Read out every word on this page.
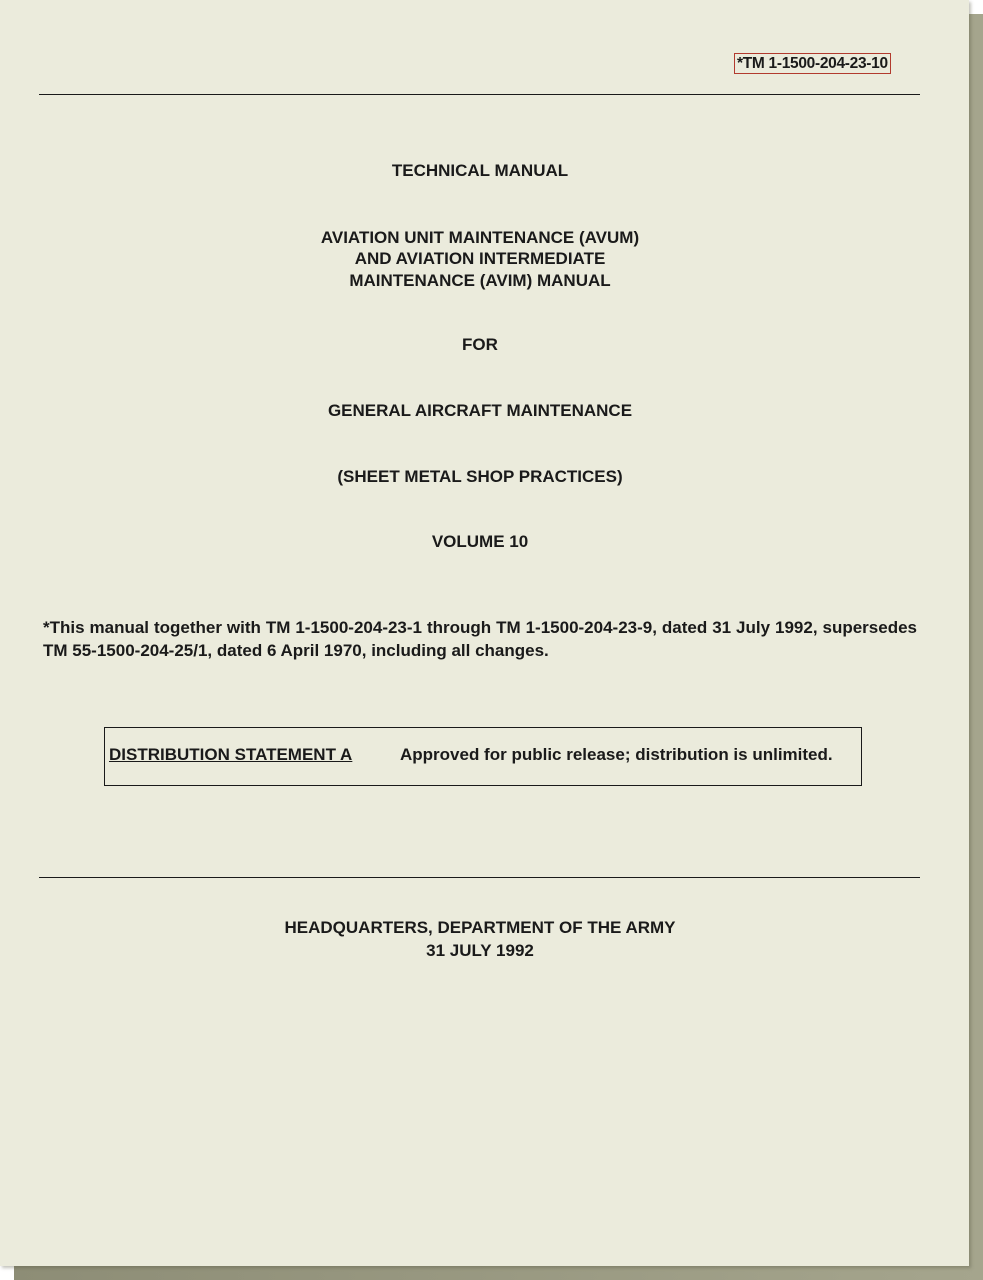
*TM 1-1500-204-23-10
TECHNICAL MANUAL
AVIATION UNIT MAINTENANCE (AVUM)
AND AVIATION INTERMEDIATE
MAINTENANCE (AVIM) MANUAL
FOR
GENERAL AIRCRAFT MAINTENANCE
(SHEET METAL SHOP PRACTICES)
VOLUME 10
*This manual together with TM 1-1500-204-23-1 through TM 1-1500-204-23-9, dated 31 July 1992, supersedes TM 55-1500-204-25/1, dated 6 April 1970, including all changes.
DISTRIBUTION STATEMENT A	Approved for public release; distribution is unlimited.
HEADQUARTERS, DEPARTMENT OF THE ARMY
31 JULY 1992
